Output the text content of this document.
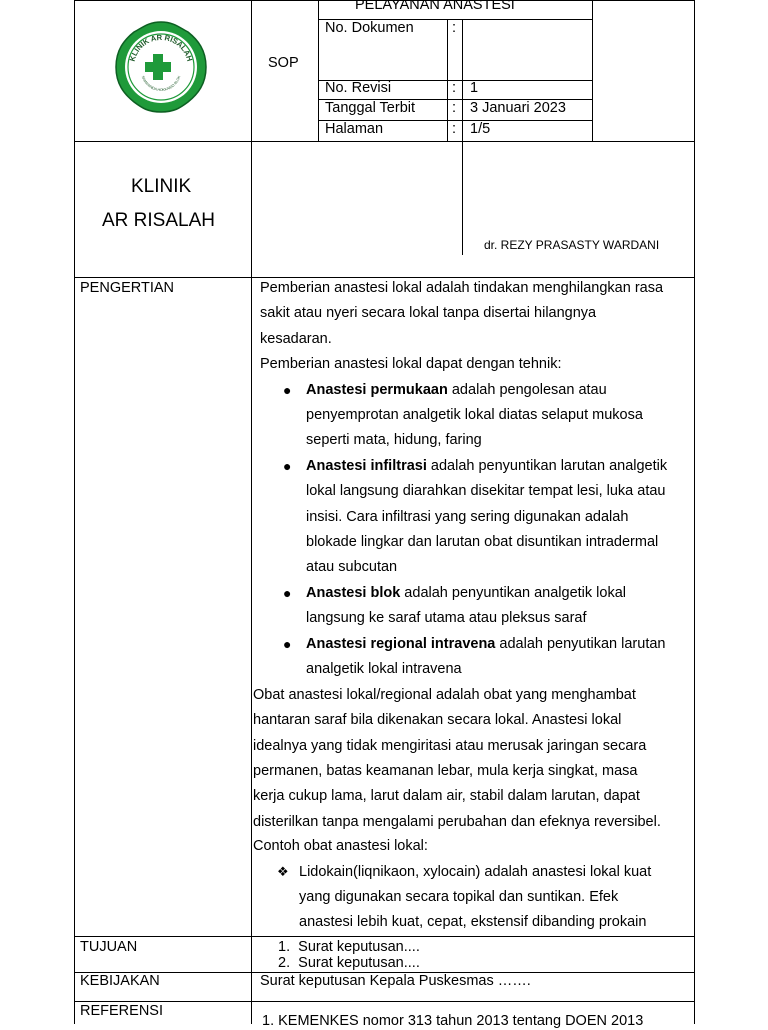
KLINIK AR RISALAH
SAMARINDA HOKKAIDO BLOK
PELAYANAN ANASTESI
SOP
No. Dokumen	:
No. Revisi	: 1
Tanggal Terbit	: 3 Januari 2023
Halaman	: 1/5
KLINIK
AR RISALAH
dr. REZY PRASASTY WARDANI
PENGERTIAN	Pemberian anastesi lokal adalah tindakan menghilangkan rasa
sakit atau nyeri secara lokal tanpa disertai hilangnya
kesadaran.
Pemberian anastesi lokal dapat dengan tehnik:
● Anastesi permukaan adalah pengolesan atau
penyemprotan analgetik lokal diatas selaput mukosa
seperti mata, hidung, faring
● Anastesi infiltrasi adalah penyuntikan larutan analgetik
lokal langsung diarahkan disekitar tempat lesi, luka atau
insisi. Cara infiltrasi yang sering digunakan adalah
blokade lingkar dan larutan obat disuntikan intradermal
atau subcutan
● Anastesi blok adalah penyuntikan analgetik lokal
langsung ke saraf utama atau pleksus saraf
● Anastesi regional intravena adalah penyutikan larutan
analgetik lokal intravena
Obat anastesi lokal/regional adalah obat yang menghambat
hantaran saraf bila dikenakan secara lokal. Anastesi lokal
idealnya yang tidak mengiritasi atau merusak jaringan secara
permanen, batas keamanan lebar, mula kerja singkat, masa
kerja cukup lama, larut dalam air, stabil dalam larutan, dapat
disterilkan tanpa mengalami perubahan dan efeknya reversibel.
Contoh obat anastesi lokal:
❖ Lidokain(liqnikaon, xylocain) adalah anastesi lokal kuat
yang digunakan secara topikal dan suntikan. Efek
anastesi lebih kuat, cepat, ekstensif dibanding prokain
TUJUAN	1.  Surat keputusan....
2.  Surat keputusan....
KEBIJAKAN	Surat keputusan Kepala Puskesmas …….
REFERENSI
1. KEMENKES nomor 313 tahun 2013 tentang DOEN 2013
